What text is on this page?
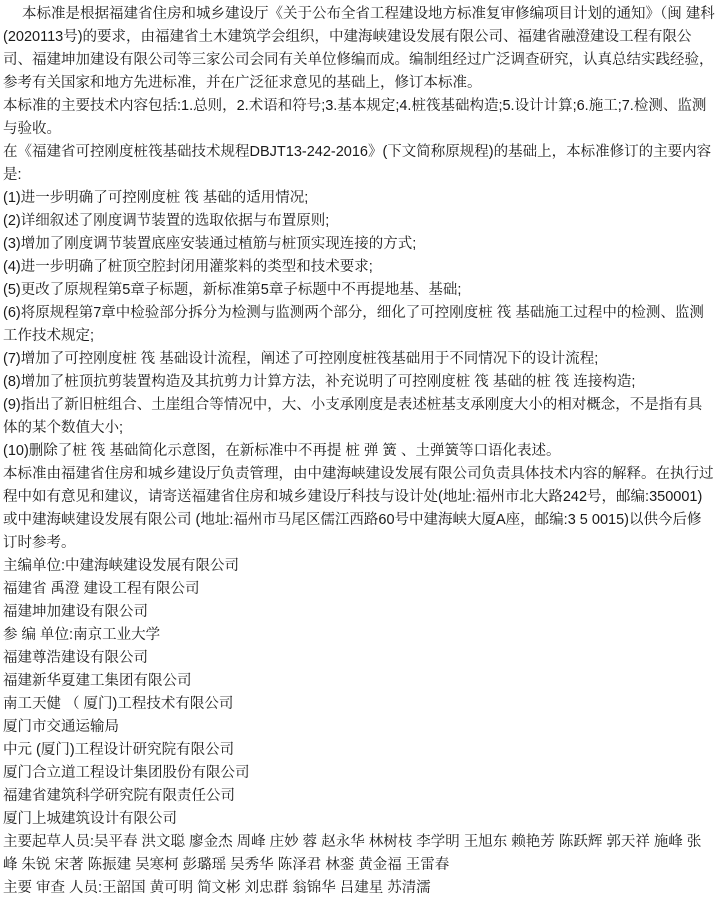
本标准是根据福建省住房和城乡建设厅《关于公布全省工程建设地方标准复审修编项目计划的通知》（闽 建科(2020113号)的要求，由福建省土木建筑学会组织，中建海峡建设发展有限公司、福建省融澄建设工程有限公司、福建坤加建设有限公司等三家公司会同有关单位修编而成。编制组经过广泛调查研究，认真总结实践经验，参考有关国家和地方先进标准，并在广泛征求意见的基础上，修订本标准。

本标准的主要技术内容包括:1.总则，2.术语和符号;3.基本规定;4.桩筏基础构造;5.设计计算;6.施工;7.检测、监测与验收。

在《福建省可控刚度桩筏基础技术规程DBJT13-242-2016》(下文简称原规程)的基础上，本标准修订的主要内容是:

(1)进一步明确了可控刚度桩 筏 基础的适用情况;

(2)详细叙述了刚度调节装置的选取依据与布置原则;

(3)增加了刚度调节装置底座安装通过植筋与桩顶实现连接的方式;

(4)进一步明确了桩顶空腔封闭用灌浆料的类型和技术要求;

(5)更改了原规程第5章子标题，新标准第5章子标题中不再提地基、基础;

(6)将原规程第7章中检验部分拆分为检测与监测两个部分，细化了可控刚度桩 筏 基础施工过程中的检测、监测工作技术规定;

(7)增加了可控刚度桩 筏 基础设计流程，阐述了可控刚度桩筏基础用于不同情况下的设计流程;

(8)增加了桩顶抗剪装置构造及其抗剪力计算方法，补充说明了可控刚度桩 筏 基础的桩 筏 连接构造;

(9)指出了新旧桩组合、土崖组合等情况中，大、小支承刚度是表述桩基支承刚度大小的相对概念，不是指有具体的某个数值大小;

(10)删除了桩 筏 基础简化示意图，在新标准中不再提 桩 弹 簧 、土弹簧等口语化表述。

本标准由福建省住房和城乡建设厅负责管理，由中建海峡建设发展有限公司负责具体技术内容的解释。在执行过程中如有意见和建议，请寄送福建省住房和城乡建设厅科技与设计处(地址:福州市北大路242号，邮编:350001)或中建海峡建设发展有限公司 (地址:福州市马尾区儒江西路60号中建海峡大厦A座，邮编:3 5 0015)以供今后修订时参考。

主编单位:中建海峡建设发展有限公司

福建省 禹澄 建设工程有限公司

福建坤加建设有限公司

参 编 单位:南京工业大学

福建尊浩建设有限公司

福建新华夏建工集团有限公司

南工天健 （ 厦门)工程技术有限公司

厦门市交通运输局

中元 (厦门)工程设计研究院有限公司

厦门合立道工程设计集团股份有限公司

福建省建筑科学研究院有限责任公司

厦门上城建筑设计有限公司

主要起草人员:吴平春 洪文聪 廖金杰 周峰 庄妙 蓉 赵永华 林树枝 李学明 王旭东 赖艳芳 陈跃辉 郭天祥 施峰 张峰 朱锐 宋著 陈振建 吴寒柯 彭璐瑶 吴秀华 陈泽君 林銮 黄金福 王雷春

主要 审查 人员:王韶国 黄可明 简文彬 刘忠群 翁锦华 吕建星 苏清濡
